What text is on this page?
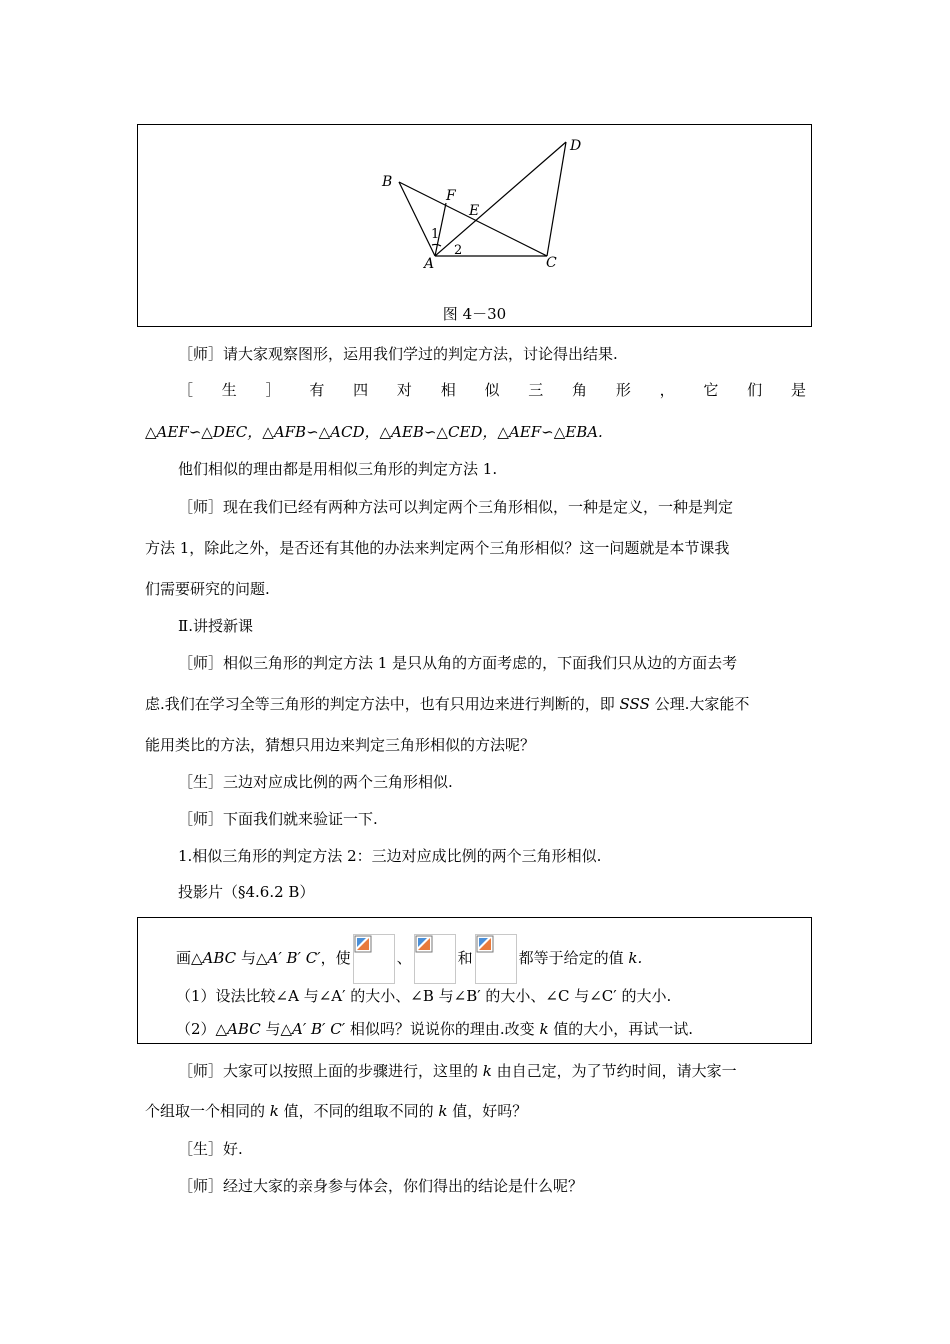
B
F
E
D
A	C
1
2
图 4－30
［师］请大家观察图形，运用我们学过的判定方法，讨论得出结果.
［ 生 ］ 有 四 对 相 似 三 角 形 ， 它 们 是
△AEF∽△DEC，△AFB∽△ACD，△AEB∽△CED，△AEF∽△EBA.
他们相似的理由都是用相似三角形的判定方法 1.
［师］现在我们已经有两种方法可以判定两个三角形相似，一种是定义，一种是判定
方法 1，除此之外，是否还有其他的办法来判定两个三角形相似？这一问题就是本节课我
们需要研究的问题.
Ⅱ.讲授新课
［师］相似三角形的判定方法 1 是只从角的方面考虑的，下面我们只从边的方面去考
虑.我们在学习全等三角形的判定方法中，也有只用边来进行判断的，即 SSS 公理.大家能不
能用类比的方法，猜想只用边来判定三角形相似的方法呢？
［生］三边对应成比例的两个三角形相似.
［师］下面我们就来验证一下.
1.相似三角形的判定方法 2：三边对应成比例的两个三角形相似.
投影片（§4.6.2 B）
画△ABC 与△A′ B′ C′，使	、	和	都等于给定的值 k.
（1）设法比较∠A 与∠A′ 的大小、∠B 与∠B′ 的大小、∠C 与∠C′ 的大小.
（2）△ABC 与△A′ B′ C′ 相似吗？说说你的理由.改变 k 值的大小，再试一试.
［师］大家可以按照上面的步骤进行，这里的 k 由自己定，为了节约时间，请大家一
个组取一个相同的 k 值，不同的组取不同的 k 值，好吗？
［生］好.
［师］经过大家的亲身参与体会，你们得出的结论是什么呢？
